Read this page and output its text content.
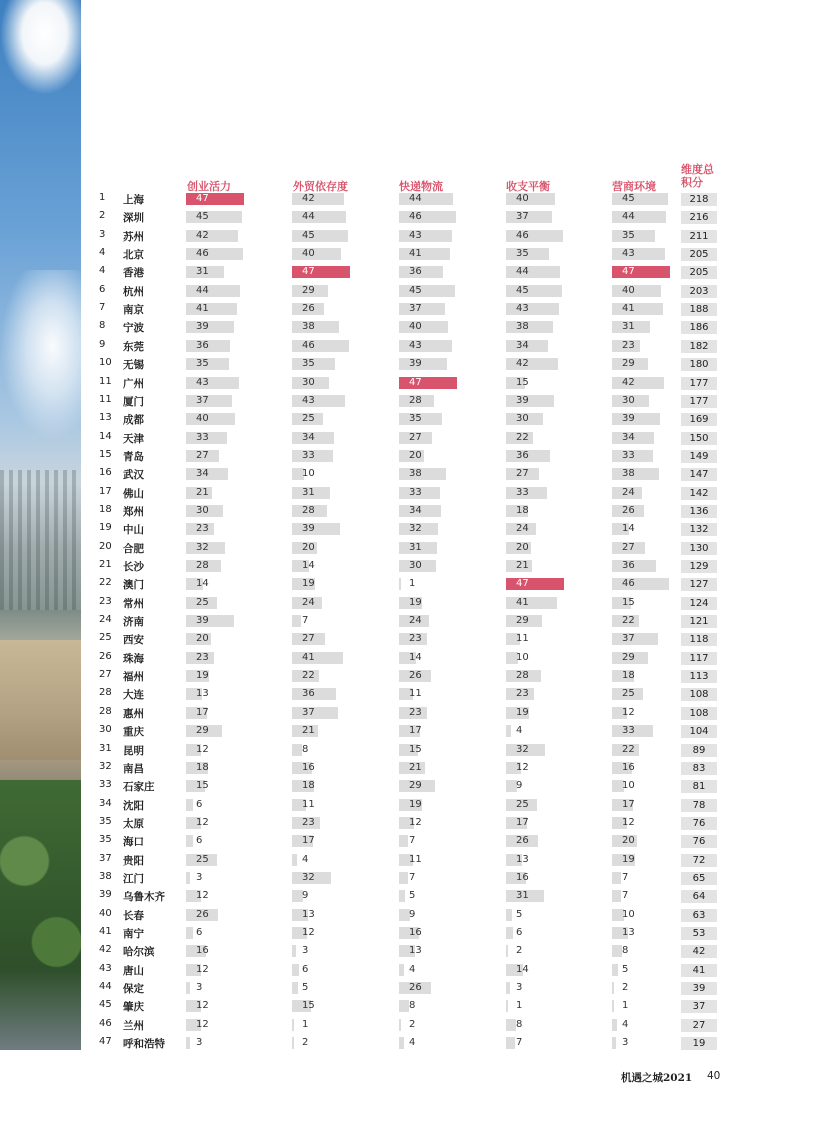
创业活力	外贸依存度	快递物流	收支平衡	营商环境
维度总积分
1	上海	47	42	44	40	45	218
2	深圳	45	44	46	37	44	216
3	苏州	42	45	43	46	35	211
4	北京	46	40	41	35	43	205
4	香港	31	47	36	44	47	205
6	杭州	44	29	45	45	40	203
7	南京	41	26	37	43	41	188
8	宁波	39	38	40	38	31	186
9	东莞	36	46	43	34	23	182
10	无锡	35	35	39	42	29	180
11	广州	43	30	47	15	42	177
11	厦门	37	43	28	39	30	177
13	成都	40	25	35	30	39	169
14	天津	33	34	27	22	34	150
15	青岛	27	33	20	36	33	149
16	武汉	34	10	38	27	38	147
17	佛山	21	31	33	33	24	142
18	郑州	30	28	34	18	26	136
19	中山	23	39	32	24	14	132
20	合肥	32	20	31	20	27	130
21	长沙	28	14	30	21	36	129
22	澳门	14	19	1	47	46	127
23	常州	25	24	19	41	15	124
24	济南	39	7	24	29	22	121
25	西安	20	27	23	11	37	118
26	珠海	23	41	14	10	29	117
27	福州	19	22	26	28	18	113
28	大连	13	36	11	23	25	108
28	惠州	17	37	23	19	12	108
30	重庆	29	21	17	4	33	104
31	昆明	12	8	15	32	22	89
32	南昌	18	16	21	12	16	83
33	石家庄	15	18	29	9	10	81
34	沈阳	6	11	19	25	17	78
35	太原	12	23	12	17	12	76
35	海口	6	17	7	26	20	76
37	贵阳	25	4	11	13	19	72
38	江门	3	32	7	16	7	65
39	乌鲁木齐	12	9	5	31	7	64
40	长春	26	13	9	5	10	63
41	南宁	6	12	16	6	13	53
42	哈尔滨	16	3	13	2	8	42
43	唐山	12	6	4	14	5	41
44	保定	3	5	26	3	2	39
45	肇庆	12	15	8	1	1	37
46	兰州	12	1	2	8	4	27
47	呼和浩特	3	2	4	7	3	19
机遇之城2021 40
